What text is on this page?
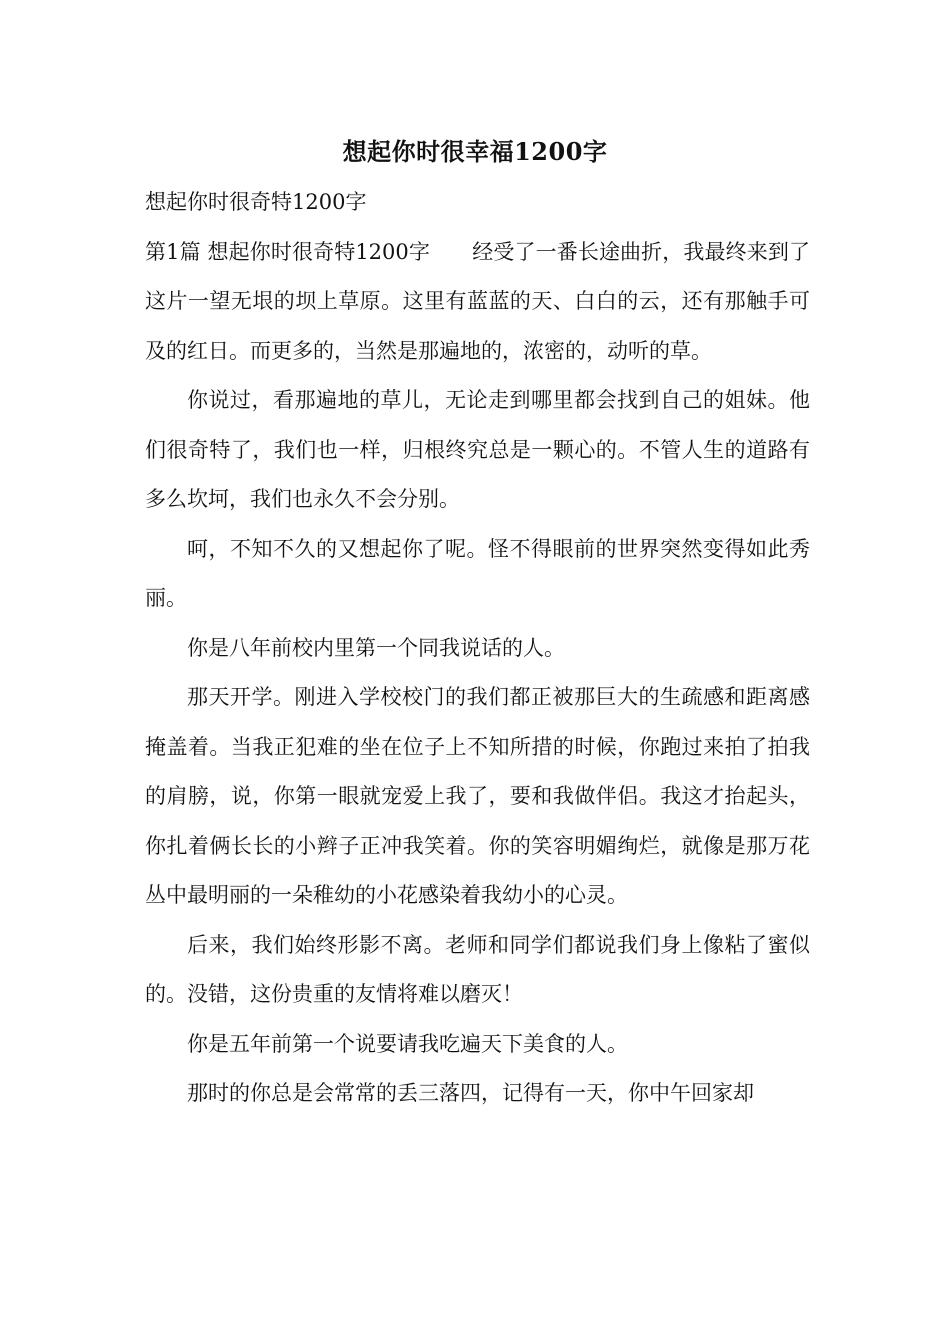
想起你时很幸福1200字

想起你时很奇特1200字

第1篇 想起你时很奇特1200字　　经受了一番长途曲折，我最终来到了这片一望无垠的坝上草原。这里有蓝蓝的天、白白的云，还有那触手可及的红日。而更多的，当然是那遍地的，浓密的，动听的草。

你说过，看那遍地的草儿，无论走到哪里都会找到自己的姐妹。他们很奇特了，我们也一样，归根终究总是一颗心的。不管人生的道路有多么坎坷，我们也永久不会分别。

呵，不知不久的又想起你了呢。怪不得眼前的世界突然变得如此秀丽。

你是八年前校内里第一个同我说话的人。

那天开学。刚进入学校校门的我们都正被那巨大的生疏感和距离感掩盖着。当我正犯难的坐在位子上不知所措的时候，你跑过来拍了拍我的肩膀，说，你第一眼就宠爱上我了，要和我做伴侣。我这才抬起头，你扎着俩长长的小辫子正冲我笑着。你的笑容明媚绚烂，就像是那万花丛中最明丽的一朵稚幼的小花感染着我幼小的心灵。

后来，我们始终形影不离。老师和同学们都说我们身上像粘了蜜似的。没错，这份贵重的友情将难以磨灭！

你是五年前第一个说要请我吃遍天下美食的人。

那时的你总是会常常的丢三落四，记得有一天，你中午回家却
